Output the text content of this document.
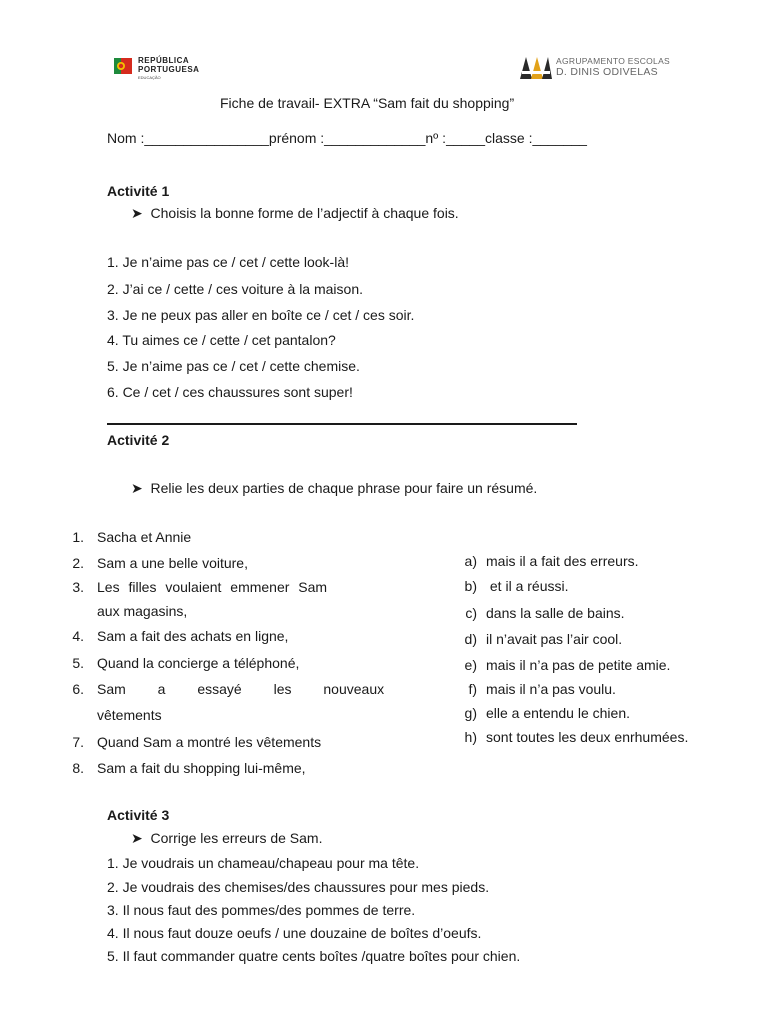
REPÚBLICA
PORTUGUESA
EDUCAÇÃO
AGRUPAMENTO ESCOLAS
D. DINIS ODIVELAS
Fiche de travail- EXTRA “Sam fait du shopping”
Nom :________________prénom :_____________nº :_____classe :_______
Activité 1
➤ Choisis la bonne forme de l’adjectif à chaque fois.
1. Je n’aime pas ce / cet / cette look-là!
2. J’ai ce / cette / ces voiture à la maison.
3. Je ne peux pas aller en boîte ce / cet / ces soir.
4. Tu aimes ce / cette / cet pantalon?
5. Je n’aime pas ce / cet / cette chemise.
6. Ce / cet / ces chaussures sont super!
Activité 2
➤ Relie les deux parties de chaque phrase pour faire un résumé.
1. Sacha et Annie
2. Sam a une belle voiture,
3. Les filles voulaient emmener Sam
aux magasins,
4. Sam a fait des achats en ligne,
5. Quand la concierge a téléphoné,
6. Sam a essayé les nouveaux
vêtements
7. Quand Sam a montré les vêtements
8. Sam a fait du shopping lui-même,
a) mais il a fait des erreurs.
b) et il a réussi.
c) dans la salle de bains.
d) il n’avait pas l’air cool.
e) mais il n’a pas de petite amie.
f) mais il n’a pas voulu.
g) elle a entendu le chien.
h) sont toutes les deux enrhumées.
Activité 3
➤ Corrige les erreurs de Sam.
1. Je voudrais un chameau/chapeau pour ma tête.
2. Je voudrais des chemises/des chaussures pour mes pieds.
3. Il nous faut des pommes/des pommes de terre.
4. Il nous faut douze oeufs / une douzaine de boîtes d’oeufs.
5. Il faut commander quatre cents boîtes /quatre boîtes pour chien.
